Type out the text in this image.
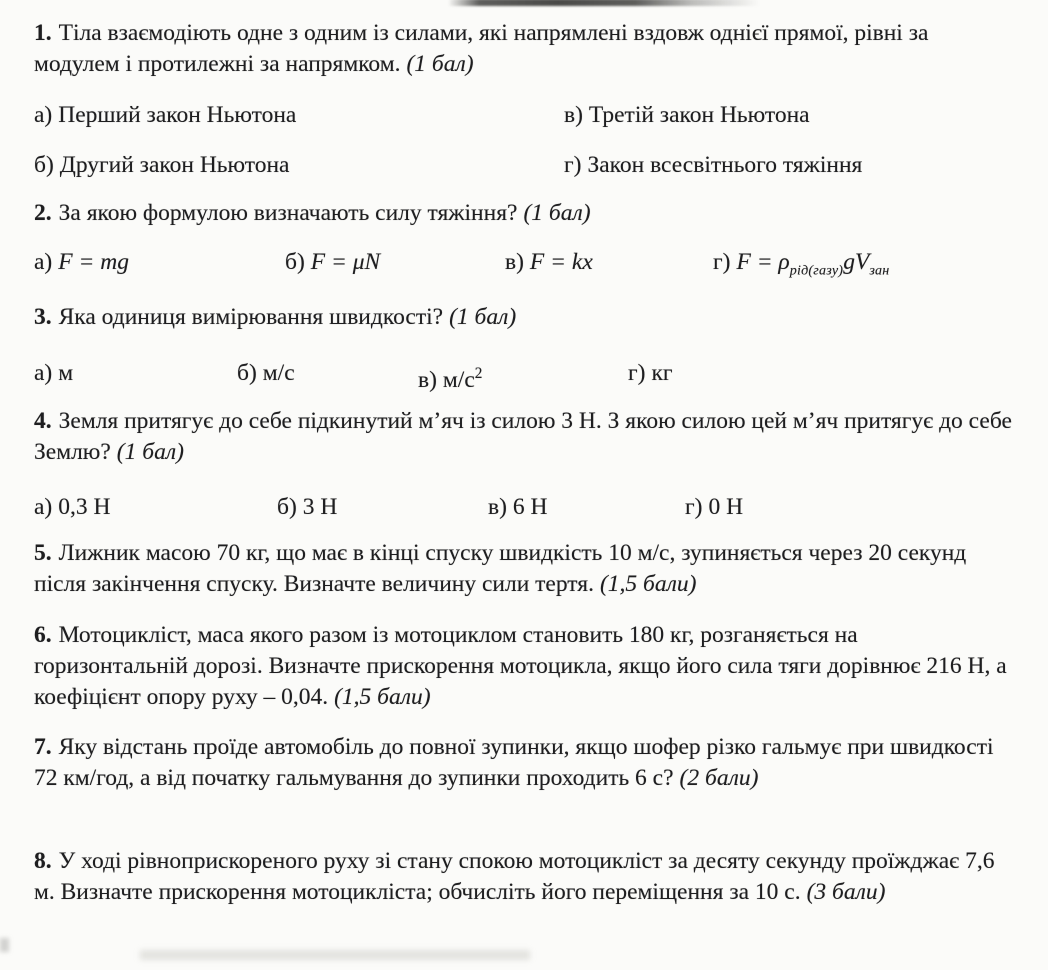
1. Тіла взаємодіють одне з одним із силами, які напрямлені вздовж однієї прямої, рівні за модулем і протилежні за напрямком. (1 бал)
а) Перший закон Ньютона	в) Третій закон Ньютона
б) Другий закон Ньютона	г) Закон всесвітнього тяжіння
2. За якою формулою визначають силу тяжіння? (1 бал)
а) F = mg	б) F = μN	в) F = kx	г) $F = \rho_{рід(газу)}gV_{зан}$
3. Яка одиниця вимірювання швидкості? (1 бал)
а) м	б) м/с	в) $м/с^2$	г) кг
4. Земля притягує до себе підкинутий м’яч із силою 3 Н. З якою силою цей м’яч притягує до себе Землю? (1 бал)
а) 0,3 Н	б) 3 Н	в) 6 Н	г) 0 Н
5. Лижник масою 70 кг, що має в кінці спуску швидкість 10 м/с, зупиняється через 20 секунд після закінчення спуску. Визначте величину сили тертя. (1,5 бали)
6. Мотоцикліст, маса якого разом із мотоциклом становить 180 кг, розганяється на горизонтальній дорозі. Визначте прискорення мотоцикла, якщо його сила тяги дорівнює 216 Н, а коефіцієнт опору руху – 0,04. (1,5 бали)
7. Яку відстань проїде автомобіль до повної зупинки, якщо шофер різко гальмує при швидкості 72 км/год, а від початку гальмування до зупинки проходить 6 с? (2 бали)
8. У ході рівноприскореного руху зі стану спокою мотоцикліст за десяту секунду проїжджає 7,6 м. Визначте прискорення мотоцикліста; обчисліть його переміщення за 10 с. (3 бали)
